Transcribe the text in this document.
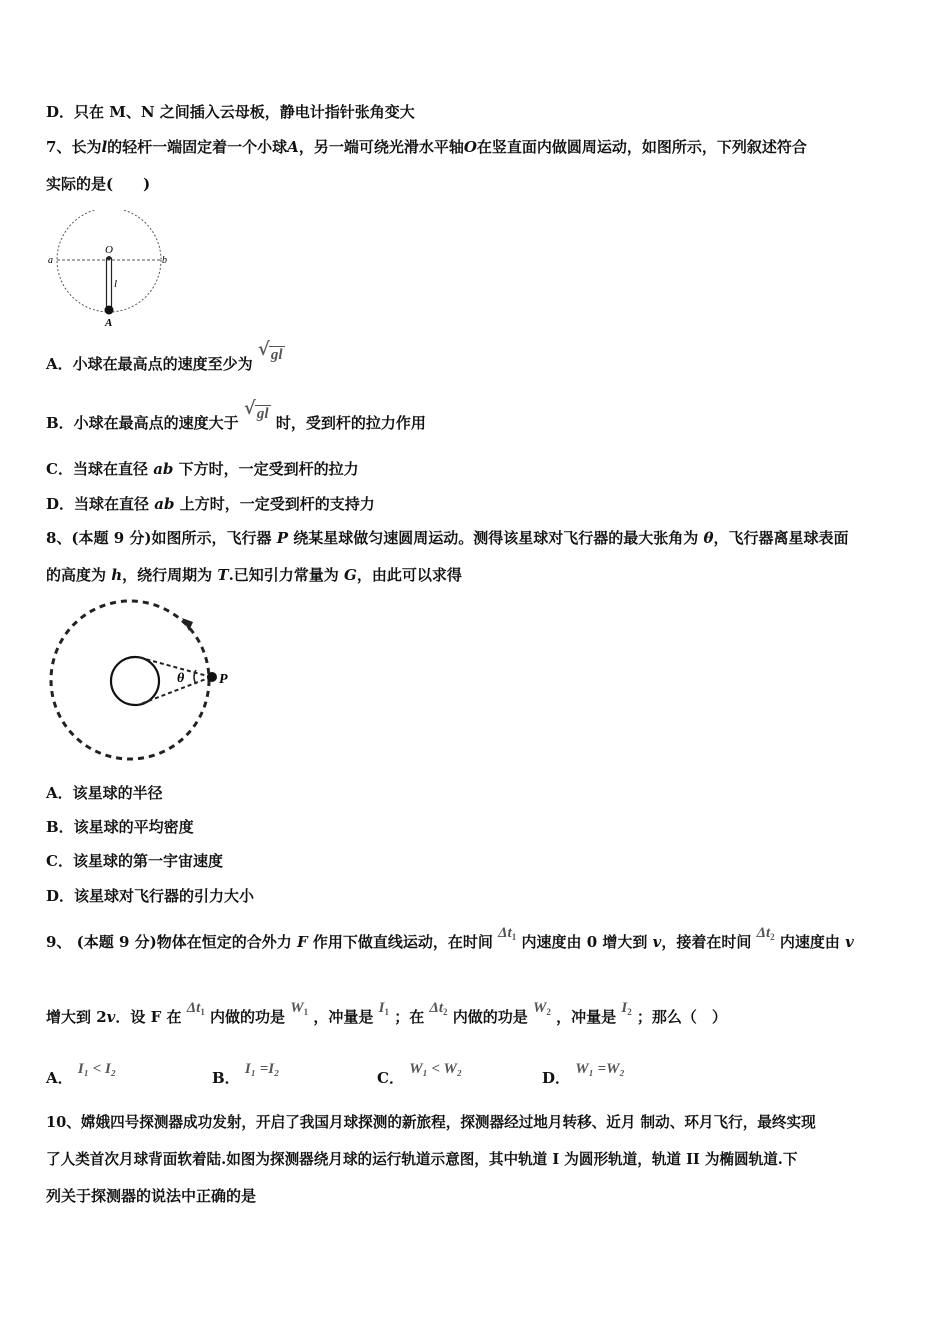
D．只在 M、N 之间插入云母板，静电计指针张角变大
7、长为l的轻杆一端固定着一个小球A，另一端可绕光滑水平轴O在竖直面内做圆周运动，如图所示，下列叙述符合
实际的是(　　)
O
a	b
l
A
A．小球在最高点的速度至少为
√ gl
B．小球在最高点的速度大于
√ gl 时，受到杆的拉力作用
C．当球在直径 ab 下方时，一定受到杆的拉力
D．当球在直径 ab 上方时，一定受到杆的支持力
8、(本题 9 分)如图所示，飞行器 P 绕某星球做匀速圆周运动。测得该星球对飞行器的最大张角为 θ，飞行器离星球表面
的高度为 h，绕行周期为 T.已知引力常量为 G，由此可以求得
θ P
A．该星球的半径
B．该星球的平均密度
C．该星球的第一宇宙速度
D．该星球对飞行器的引力大小
9、 (本题 9 分)物体在恒定的合外力 F 作用下做直线运动，在时间 $\Delta t_1$ 内速度由 0 增大到 v，接着在时间 $\Delta t_2$ 内速度由 v
增大到 2v．设 F 在 $\Delta t_1$ 内做的功是 $W_1$ ，冲量是 $I_1$ ；在 $\Delta t_2$ 内做的功是 $W_2$ ，冲量是 $I_2$ ；那么（　）
A． I₁ < I₂	B． I₁ =I₂	C． W₁ < W₂	D． W₁ =W₂
10、嫦娥四号探测器成功发射，开启了我国月球探测的新旅程，探测器经过地月转移、近月 制动、环月飞行，最终实现
了人类首次月球背面软着陆.如图为探测器绕月球的运行轨道示意图，其中轨道 I 为圆形轨道，轨道 II 为椭圆轨道.下
列关于探测器的说法中正确的是
